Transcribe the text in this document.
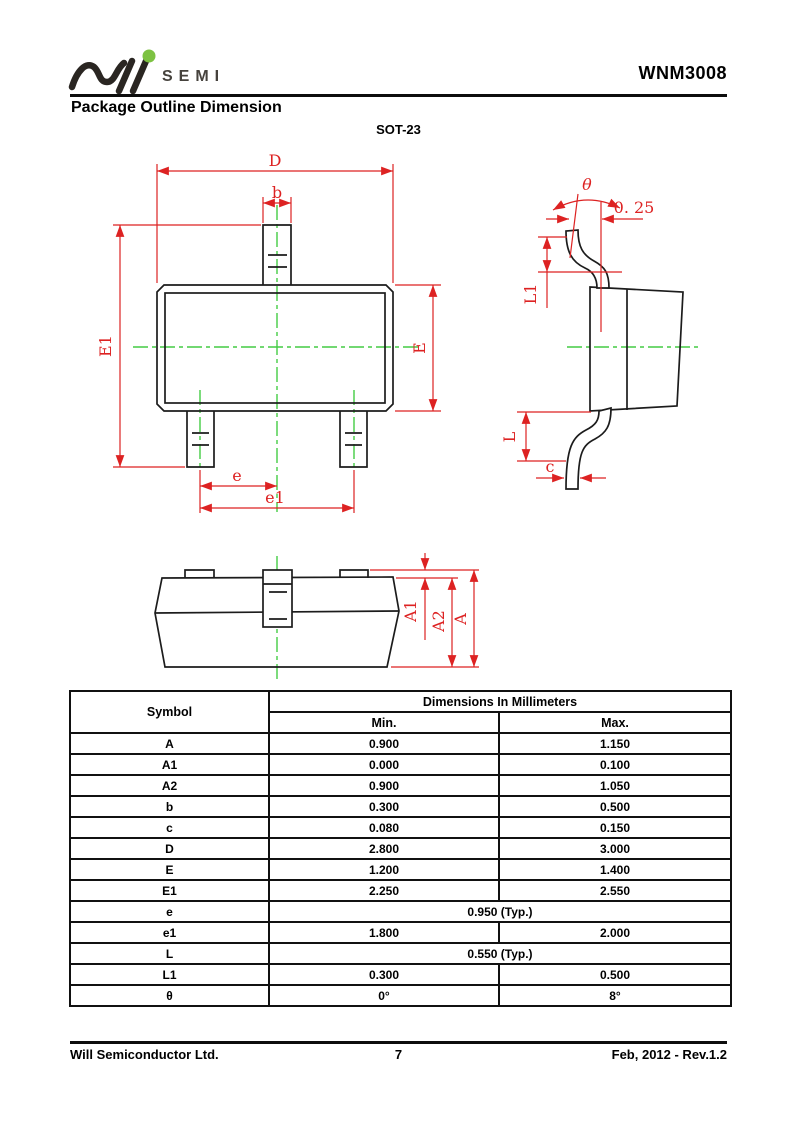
SEMI	WNM3008
Package Outline Dimension
SOT-23
D
b
E1	E
e
e1
θ
0. 25
L1
L
c
A1 A2 A
Symbol	Dimensions In Millimeters	
	Min.	Max.
A	0.900	1.150
A1	0.000	0.100
A2	0.900	1.050
b	0.300	0.500
c	0.080	0.150
D	2.800	3.000
E	1.200	1.400
E1	2.250	2.550
e	0.950 (Typ.)	
e1	1.800	2.000
L	0.550 (Typ.)	
L1	0.300	0.500
θ	0°	8°
Will Semiconductor Ltd.	7	Feb, 2012 - Rev.1.2
